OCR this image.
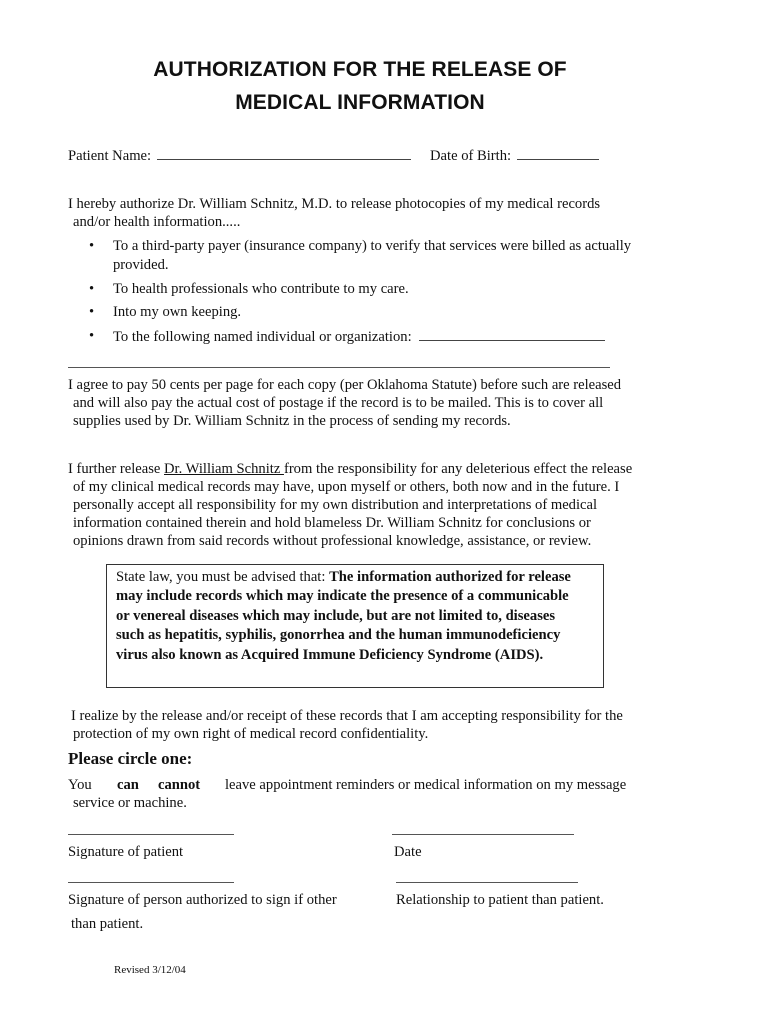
AUTHORIZATION FOR THE RELEASE OF
MEDICAL INFORMATION
Patient Name:	Date of Birth:
I hereby authorize Dr. William Schnitz, M.D. to release photocopies of my medical records
and/or health information.....
• To a third-party payer (insurance company) to verify that services were billed as actually
provided.
• To health professionals who contribute to my care.
• Into my own keeping.
• To the following named individual or organization:
I agree to pay 50 cents per page for each copy (per Oklahoma Statute) before such are released
and will also pay the actual cost of postage if the record is to be mailed. This is to cover all
supplies used by Dr. William Schnitz in the process of sending my records.
I further release Dr. William Schnitz from the responsibility for any deleterious effect the release
of my clinical medical records may have, upon myself or others, both now and in the future. I
personally accept all responsibility for my own distribution and interpretations of medical
information contained therein and hold blameless Dr. William Schnitz for conclusions or
opinions drawn from said records without professional knowledge, assistance, or review.
State law, you must be advised that: The information authorized for release
may include records which may indicate the presence of a communicable
or venereal diseases which may include, but are not limited to, diseases
such as hepatitis, syphilis, gonorrhea and the human immunodeficiency
virus also known as Acquired Immune Deficiency Syndrome (AIDS).
I realize by the release and/or receipt of these records that I am accepting responsibility for the
protection of my own right of medical record confidentiality.
Please circle one:
You can cannot leave appointment reminders or medical information on my message
service or machine.
Signature of patient	Date
Signature of person authorized to sign if other
than patient.
Relationship to patient than patient.
Revised 3/12/04
